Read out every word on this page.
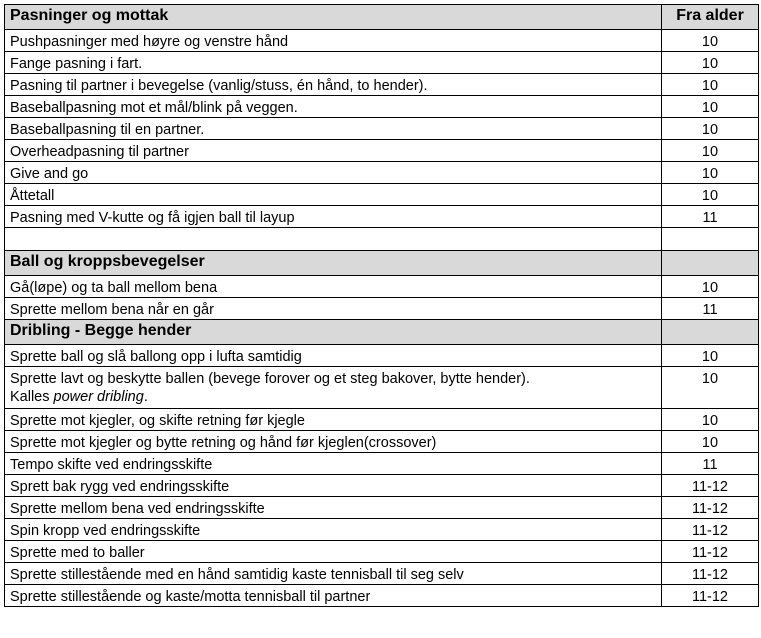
Pasninger og mottak	Fra alder
Pushpasninger med høyre og venstre hånd	10
Fange pasning i fart.	10
Pasning til partner i bevegelse (vanlig/stuss, én hånd, to hender).	10
Baseballpasning mot et mål/blink på veggen.	10
Baseballpasning til en partner.	10
Overheadpasning til partner	10
Give and go	10
Åttetall	10
Pasning med V-kutte og få igjen ball til layup	11

Ball og kroppsbevegelser	
Gå(løpe) og ta ball mellom bena	10
Sprette mellom bena når en går	11
Dribling - Begge hender	
Sprette ball og slå ballong opp i lufta samtidig	10
Sprette lavt og beskytte ballen (bevege forover og et steg bakover, bytte hender).
Kalles power dribling.	10
Sprette mot kjegler, og skifte retning før kjegle	10
Sprette mot kjegler og bytte retning og hånd før kjeglen(crossover)	10
Tempo skifte ved endringsskifte	11
Sprett bak rygg ved endringsskifte	11-12
Sprette mellom bena ved endringsskifte	11-12
Spin kropp ved endringsskifte	11-12
Sprette med to baller	11-12
Sprette stillestående med en hånd samtidig kaste tennisball til seg selv	11-12
Sprette stillestående og kaste/motta tennisball til partner	11-12
